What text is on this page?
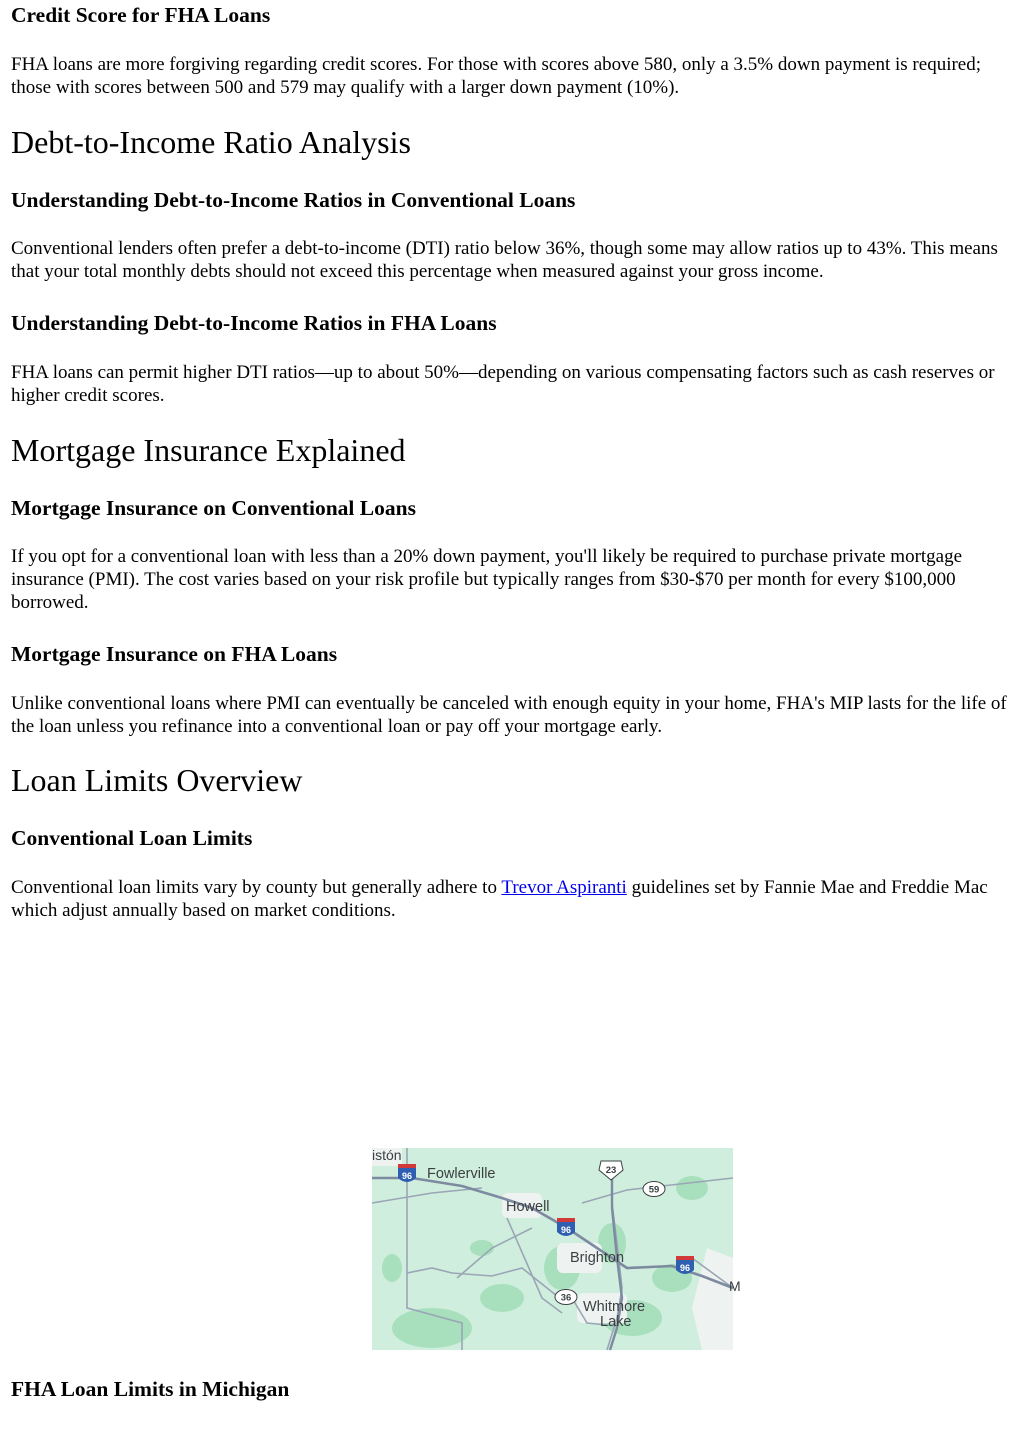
Credit Score for FHA Loans

FHA loans are more forgiving regarding credit scores. For those with scores above 580, only a 3.5% down payment is required; those with scores between 500 and 579 may qualify with a larger down payment (10%).

Debt-to-Income Ratio Analysis
Understanding Debt-to-Income Ratios in Conventional Loans

Conventional lenders often prefer a debt-to-income (DTI) ratio below 36%, though some may allow ratios up to 43%. This means that your total monthly debts should not exceed this percentage when measured against your gross income.

Understanding Debt-to-Income Ratios in FHA Loans

FHA loans can permit higher DTI ratios—up to about 50%—depending on various compensating factors such as cash reserves or higher credit scores.

Mortgage Insurance Explained
Mortgage Insurance on Conventional Loans

If you opt for a conventional loan with less than a 20% down payment, you'll likely be required to purchase private mortgage insurance (PMI). The cost varies based on your risk profile but typically ranges from $30-$70 per month for every $100,000 borrowed.

Mortgage Insurance on FHA Loans

Unlike conventional loans where PMI can eventually be canceled with enough equity in your home, FHA's MIP lasts for the life of the loan unless you refinance into a conventional loan or pay off your mortgage early.

Loan Limits Overview
Conventional Loan Limits

Conventional loan limits vary by county but generally adhere to Trevor Aspiranti guidelines set by Fannie Mae and Freddie Mac which adjust annually based on market conditions.

FHA Loan Limits in Michigan
96
96
96
23
59
36
istón
Fowlerville
Howell
Brighton
Whitmore
Lake
M
